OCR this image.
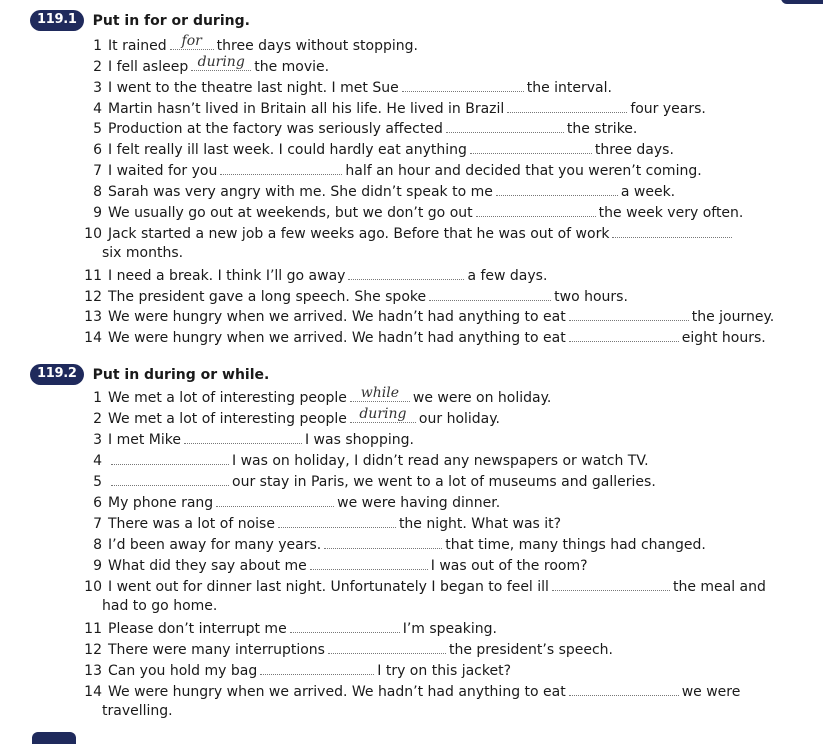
119.1	Put in for or during.
1 It rained	for	three days without stopping.
2 I fell asleep during the movie.
3 I went to the theatre last night. I met Sue	the interval.
4 Martin hasn’t lived in Britain all his life. He lived in Brazil	four years.
5 Production at the factory was seriously affected	the strike.
6 I felt really ill last week. I could hardly eat anything	three days.
7 I waited for you	half an hour and decided that you weren’t coming.
8 Sarah was very angry with me. She didn’t speak to me	a week.
9 We usually go out at weekends, but we don’t go out	the week very often.
10 Jack started a new job a few weeks ago. Before that he was out of work
six months.
11 I need a break. I think I’ll go away	a few days.
12 The president gave a long speech. She spoke	two hours.
13 We were hungry when we arrived. We hadn’t had anything to eat	the journey.
14 We were hungry when we arrived. We hadn’t had anything to eat	eight hours.
119.2	Put in during or while.
1 We met a lot of interesting people while we were on holiday.
2 We met a lot of interesting people during our holiday.
3 I met Mike	I was shopping.
4	I was on holiday, I didn’t read any newspapers or watch TV.
5	our stay in Paris, we went to a lot of museums and galleries.
6 My phone rang	we were having dinner.
7 There was a lot of noise	the night. What was it?
8 I’d been away for many years.	that time, many things had changed.
9 What did they say about me	I was out of the room?
10 I went out for dinner last night. Unfortunately I began to feel ill	the meal and
had to go home.
11 Please don’t interrupt me	I’m speaking.
12 There were many interruptions	the president’s speech.
13 Can you hold my bag	I try on this jacket?
14 We were hungry when we arrived. We hadn’t had anything to eat	we were
travelling.
